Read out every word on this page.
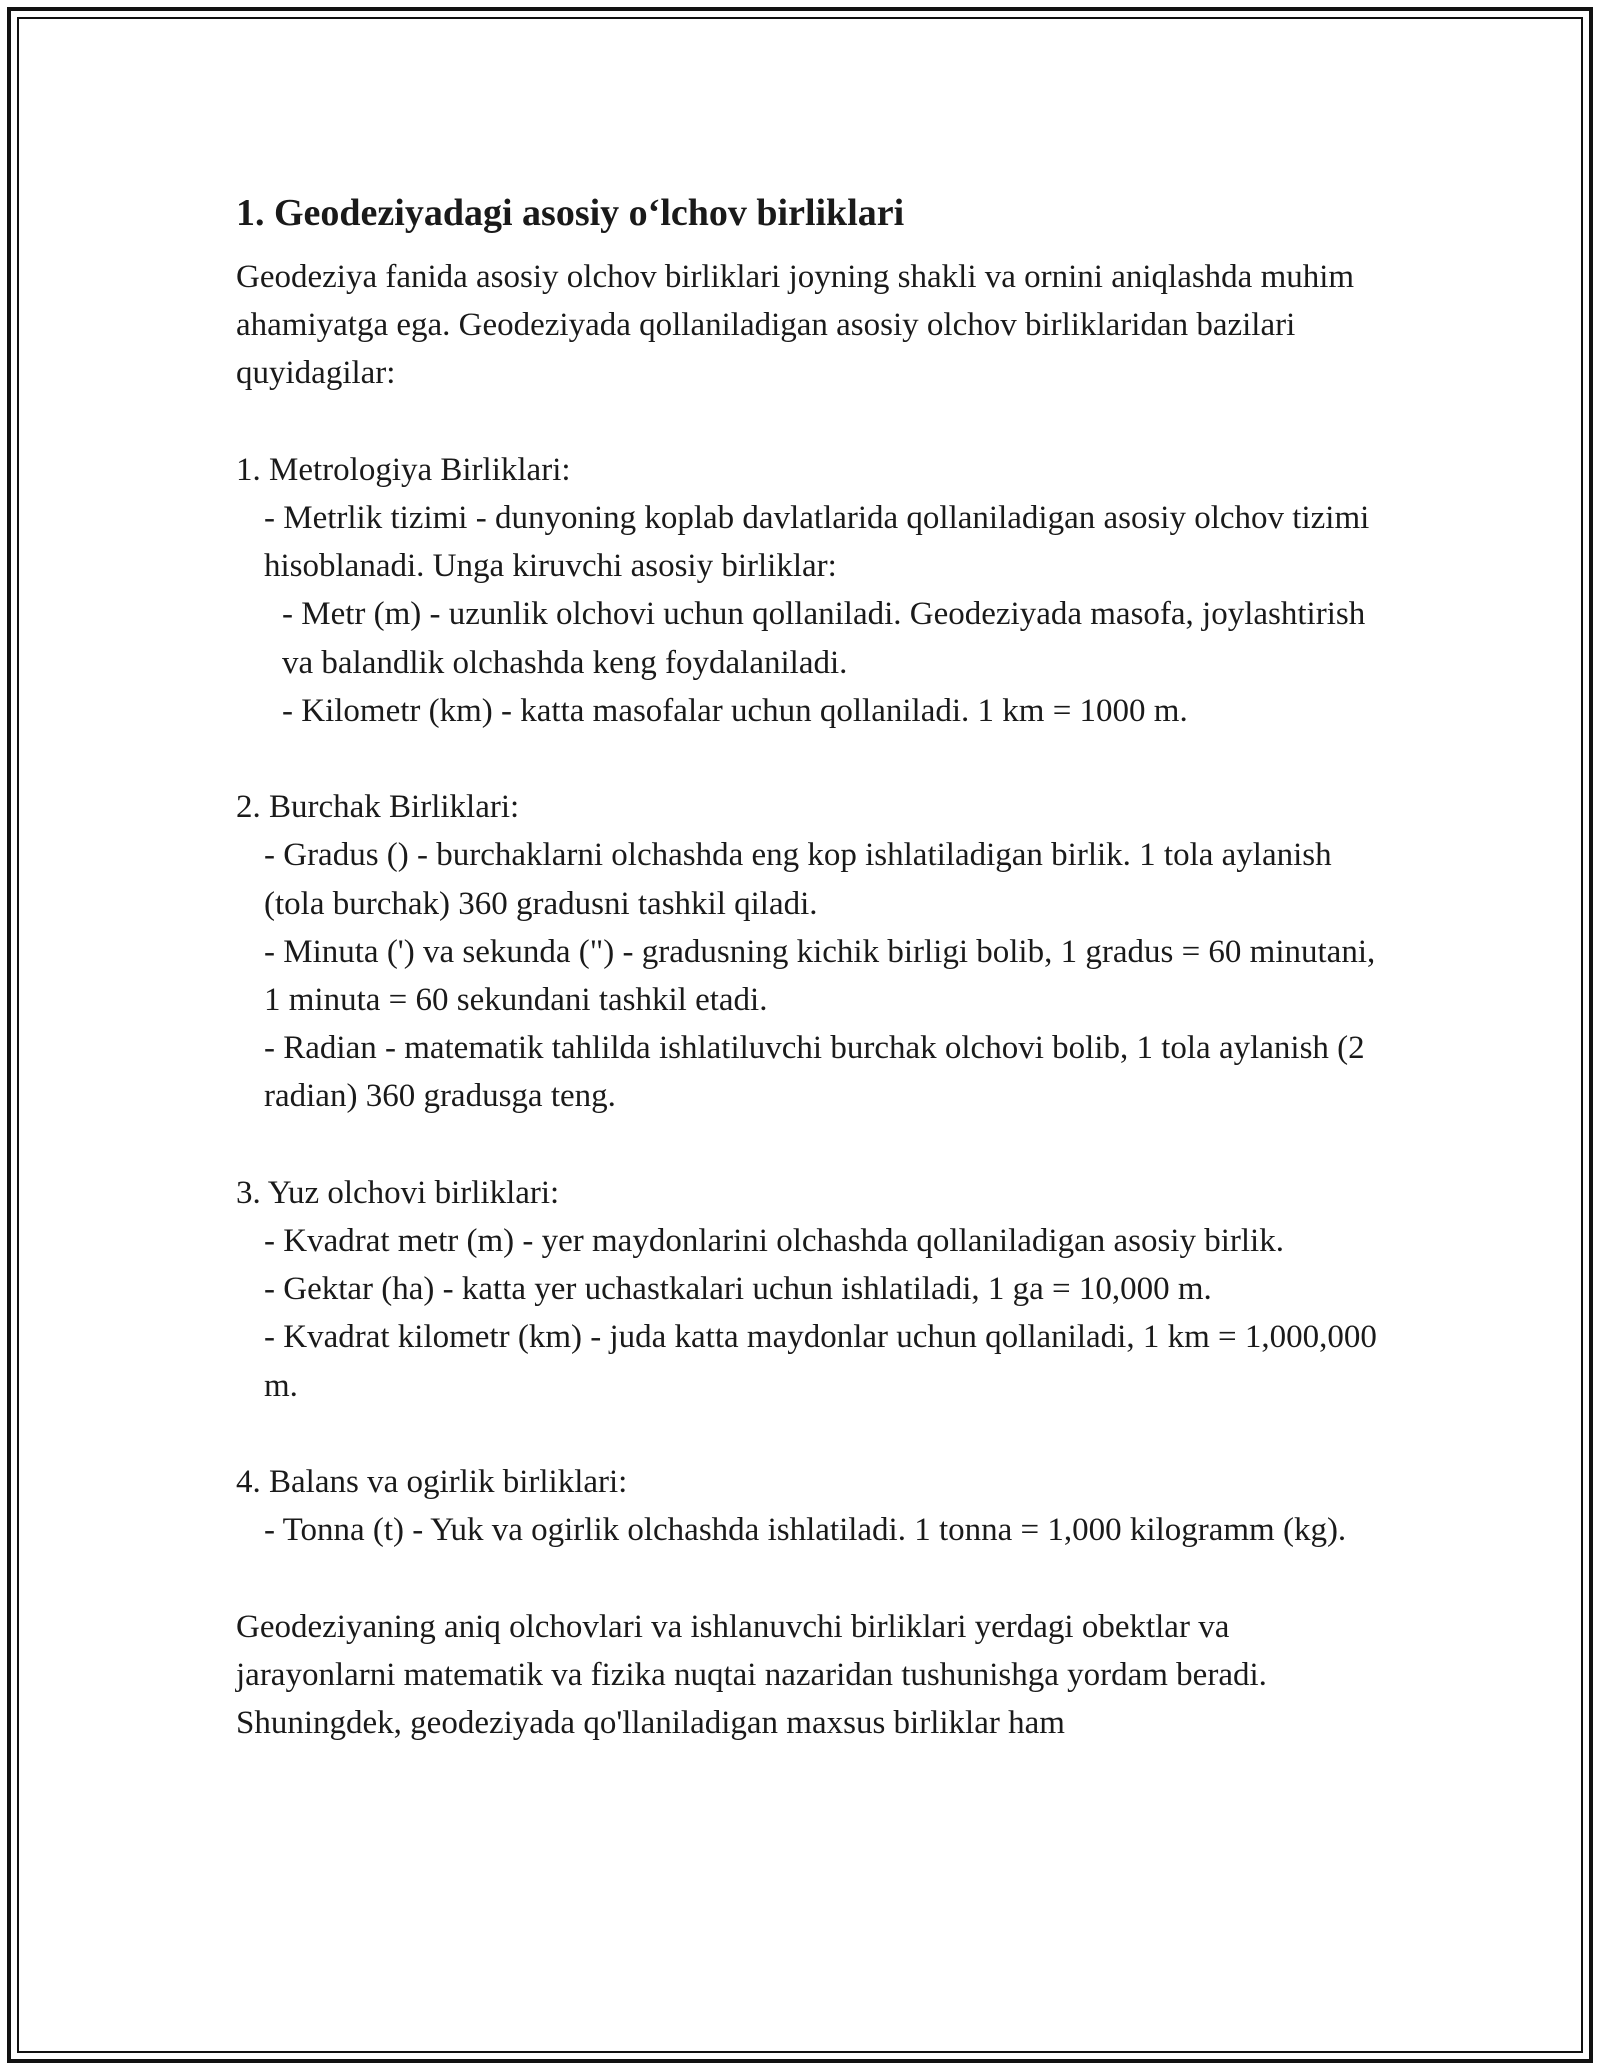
1. Geodeziyadagi asosiy oʻlchov birliklari

Geodeziya fanida asosiy olchov birliklari joyning shakli va ornini aniqlashda muhim ahamiyatga ega. Geodeziyada qollaniladigan asosiy olchov birliklaridan bazilari quyidagilar:

1. Metrologiya Birliklari:

- Metrlik tizimi - dunyoning koplab davlatlarida qollaniladigan asosiy olchov tizimi hisoblanadi. Unga kiruvchi asosiy birliklar:

- Metr (m) - uzunlik olchovi uchun qollaniladi. Geodeziyada masofa, joylashtirish va balandlik olchashda keng foydalaniladi.

- Kilometr (km) - katta masofalar uchun qollaniladi. 1 km = 1000 m.

2. Burchak Birliklari:

- Gradus () - burchaklarni olchashda eng kop ishlatiladigan birlik. 1 tola aylanish (tola burchak) 360 gradusni tashkil qiladi.

- Minuta (') va sekunda (") - gradusning kichik birligi bolib, 1 gradus = 60 minutani, 1 minuta = 60 sekundani tashkil etadi.

- Radian - matematik tahlilda ishlatiluvchi burchak olchovi bolib, 1 tola aylanish (2 radian) 360 gradusga teng.

3. Yuz olchovi birliklari:

- Kvadrat metr (m) - yer maydonlarini olchashda qollaniladigan asosiy birlik.

- Gektar (ha) - katta yer uchastkalari uchun ishlatiladi, 1 ga = 10,000 m.

- Kvadrat kilometr (km) - juda katta maydonlar uchun qollaniladi, 1 km = 1,000,000 m.

4. Balans va ogirlik birliklari:

- Tonna (t) - Yuk va ogirlik olchashda ishlatiladi. 1 tonna = 1,000 kilogramm (kg).

Geodeziyaning aniq olchovlari va ishlanuvchi birliklari yerdagi obektlar va jarayonlarni matematik va fizika nuqtai nazaridan tushunishga yordam beradi. Shuningdek, geodeziyada qo'llaniladigan maxsus birliklar ham
